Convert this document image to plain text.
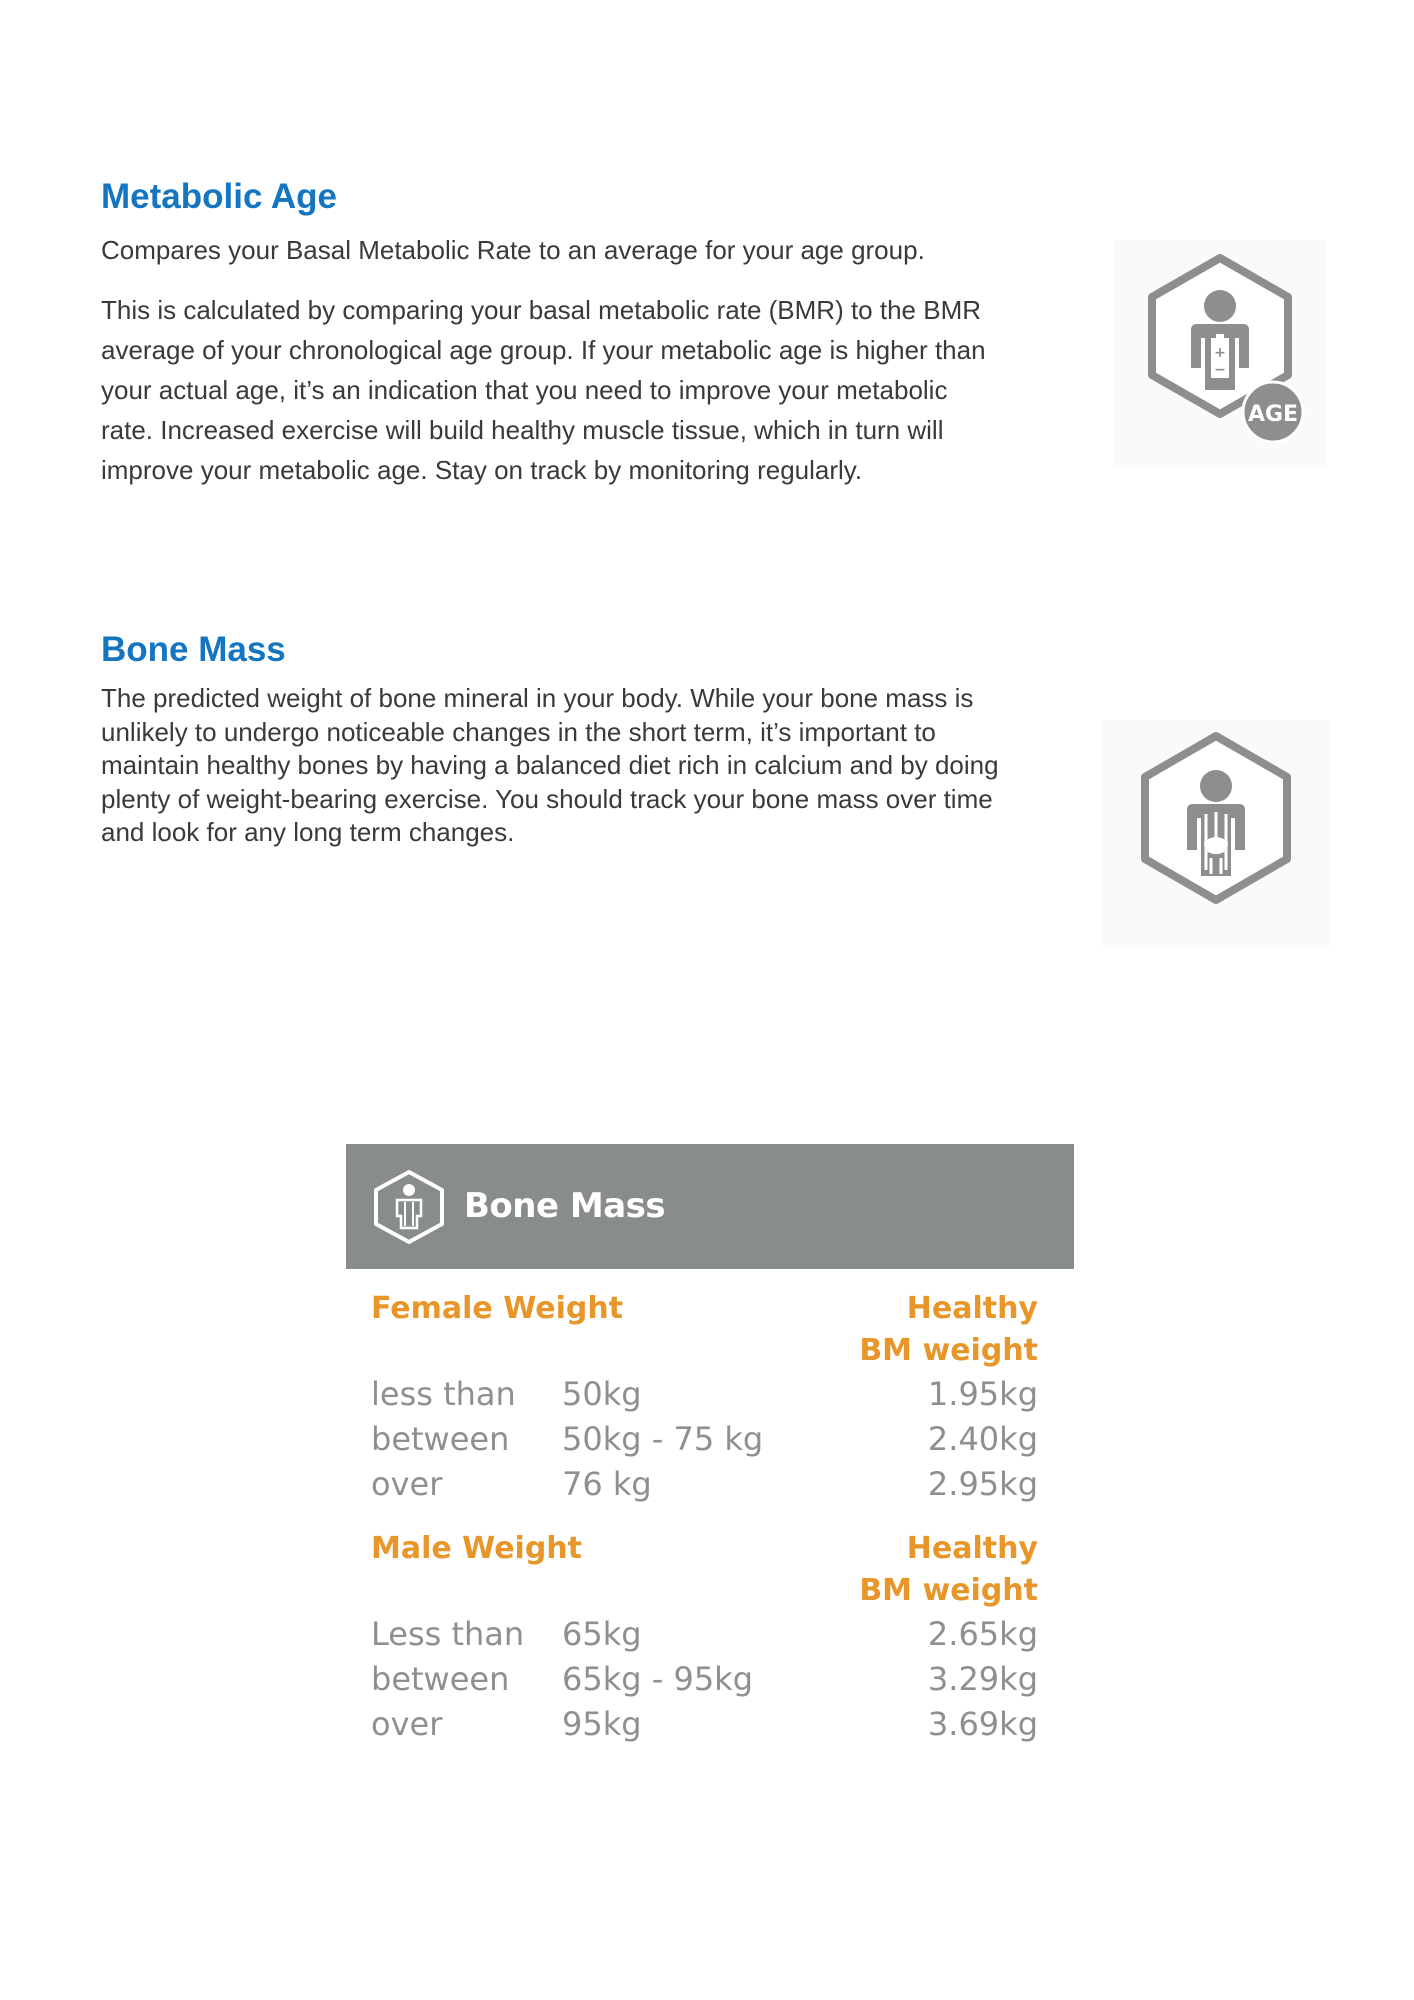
Metabolic Age

Compares your Basal Metabolic Rate to an average for your age group.

This is calculated by comparing your basal metabolic rate (BMR) to the BMR
average of your chronological age group. If your metabolic age is higher than
your actual age, it’s an indication that you need to improve your metabolic
rate. Increased exercise will build healthy muscle tissue, which in turn will
improve your metabolic age. Stay on track by monitoring regularly.

+
−
AGE
Bone Mass

The predicted weight of bone mineral in your body. While your bone mass is
unlikely to undergo noticeable changes in the short term, it’s important to
maintain healthy bones by having a balanced diet rich in calcium and by doing
plenty of weight-bearing exercise. You should track your bone mass over time
and look for any long term changes.

Bone Mass
Female Weight	Healthy
BM weight
less than 50kg	1.95kg
between 50kg - 75 kg	2.40kg
over	76 kg	2.95kg
Male Weight	Healthy
BM weight
Less than 65kg	2.65kg
between 65kg - 95kg	3.29kg
over	95kg	3.69kg
